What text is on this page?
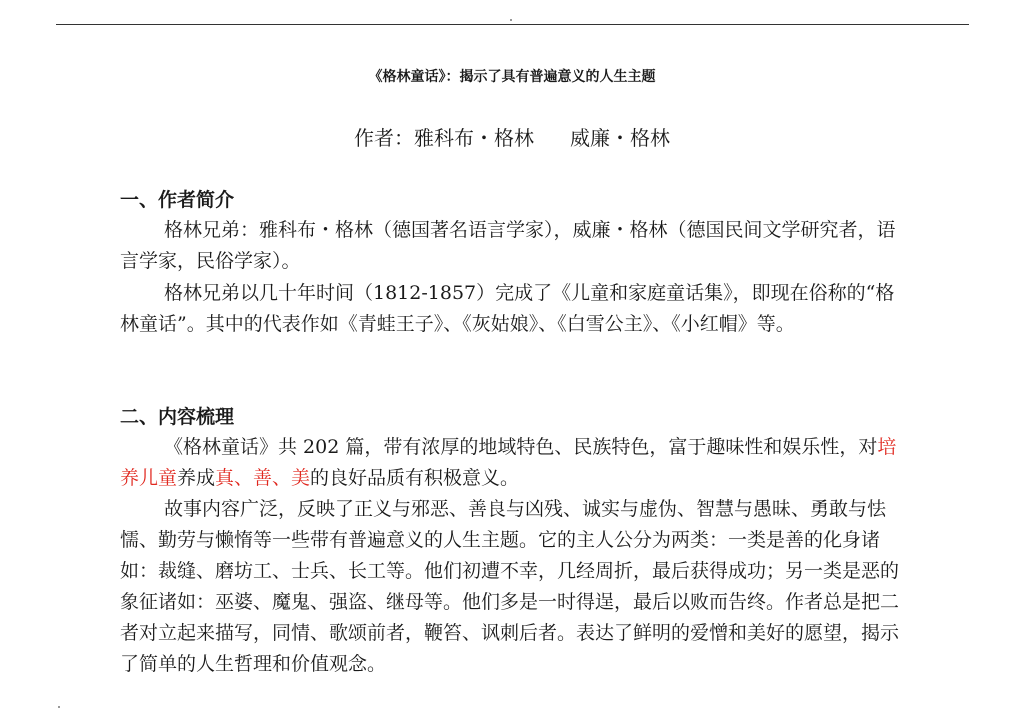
《格林童话》：揭示了具有普遍意义的人生主题
作者：雅科布・格林 威廉・格林
一、作者简介
格林兄弟：雅科布・格林（德国著名语言学家），威廉・格林（德国民间文学研究者，语言学家，民俗学家）。
格林兄弟以几十年时间（1812-1857）完成了《儿童和家庭童话集》，即现在俗称的“格林童话”。其中的代表作如《青蛙王子》、《灰姑娘》、《白雪公主》、《小红帽》等。
二、内容梳理
《格林童话》共 202 篇，带有浓厚的地域特色、民族特色，富于趣味性和娱乐性，对培养儿童养成真、善、美的良好品质有积极意义。
故事内容广泛，反映了正义与邪恶、善良与凶残、诚实与虚伪、智慧与愚昧、勇敢与怯懦、勤劳与懒惰等一些带有普遍意义的人生主题。它的主人公分为两类：一类是善的化身诸如：裁缝、磨坊工、士兵、长工等。他们初遭不幸，几经周折，最后获得成功；另一类是恶的象征诸如：巫婆、魔鬼、强盗、继母等。他们多是一时得逞，最后以败而告终。作者总是把二者对立起来描写，同情、歌颂前者，鞭笞、讽刺后者。表达了鲜明的爱憎和美好的愿望，揭示了简单的人生哲理和价值观念。
